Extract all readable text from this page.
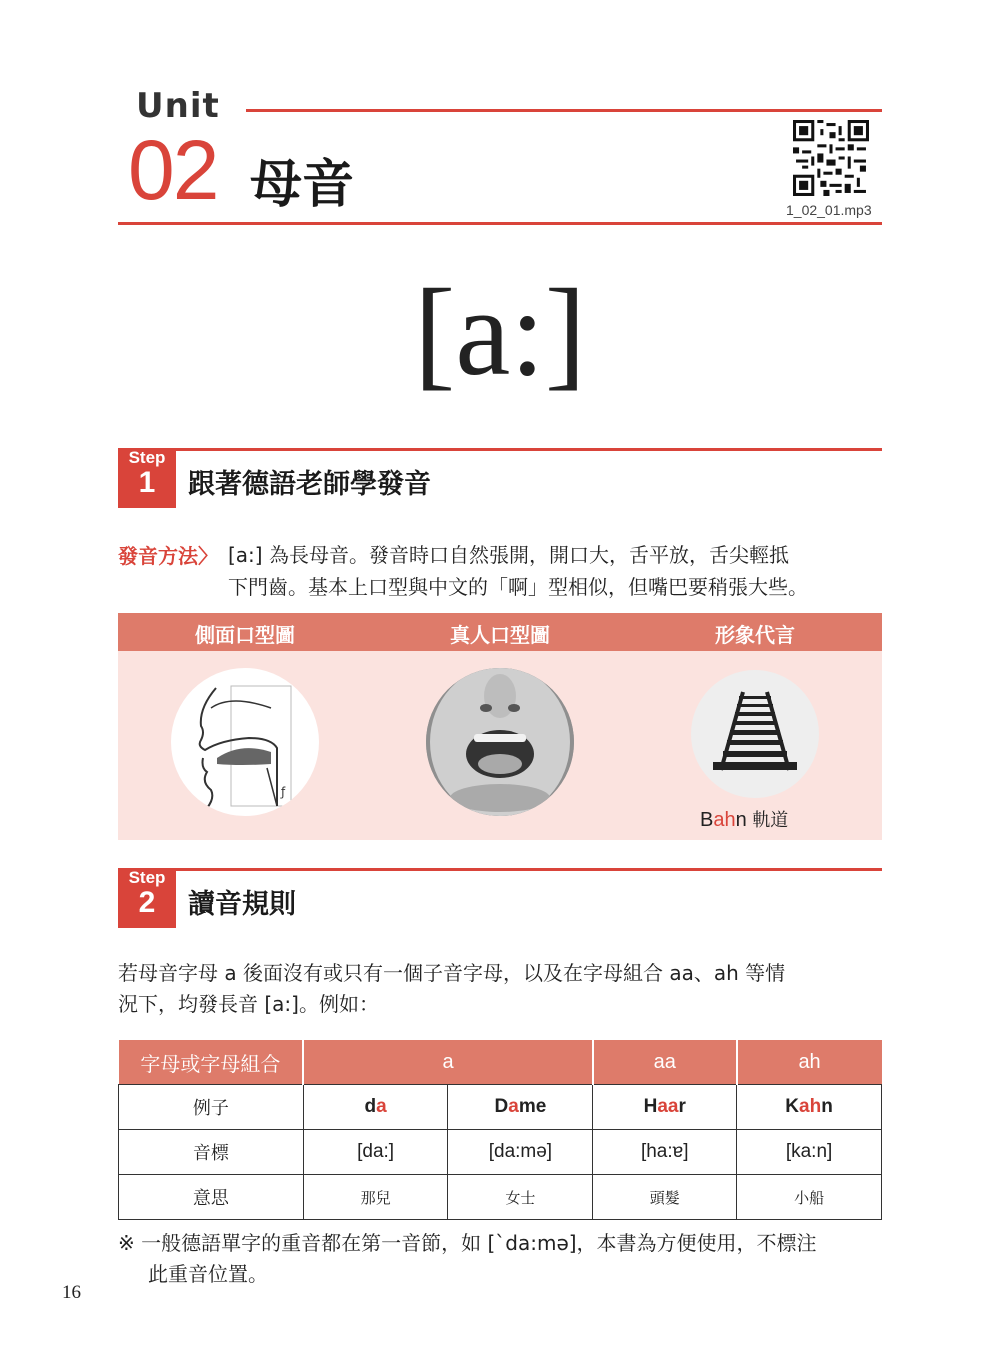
Unit
02 母音	1_02_01.mp3
[a:]
Step
1	跟著德語老師學發音
發音方法〉 [a:] 為長母音。發音時口自然張開，開口大，舌平放，舌尖輕抵
下門齒。基本上口型與中文的「啊」型相似，但嘴巴要稍張大些。
側面口型圖	真人口型圖	形象代言
ƒ
Bahn 軌道
Step
2	讀音規則
若母音字母 a 後面沒有或只有一個子音字母，以及在字母組合 aa、ah 等情
況下，均發長音 [a:]。例如：
字母或字母組合	a		aa	ah
例子	da	Dame	Haar	Kahn
音標	[da:]	[da:mə]	[ha:ɐ]	[ka:n]
意思	那兒	女士	頭髮	小船
※ 一般德語單字的重音都在第一音節，如 [`da:mə]，本書為方便使用，不標注
此重音位置。
16
